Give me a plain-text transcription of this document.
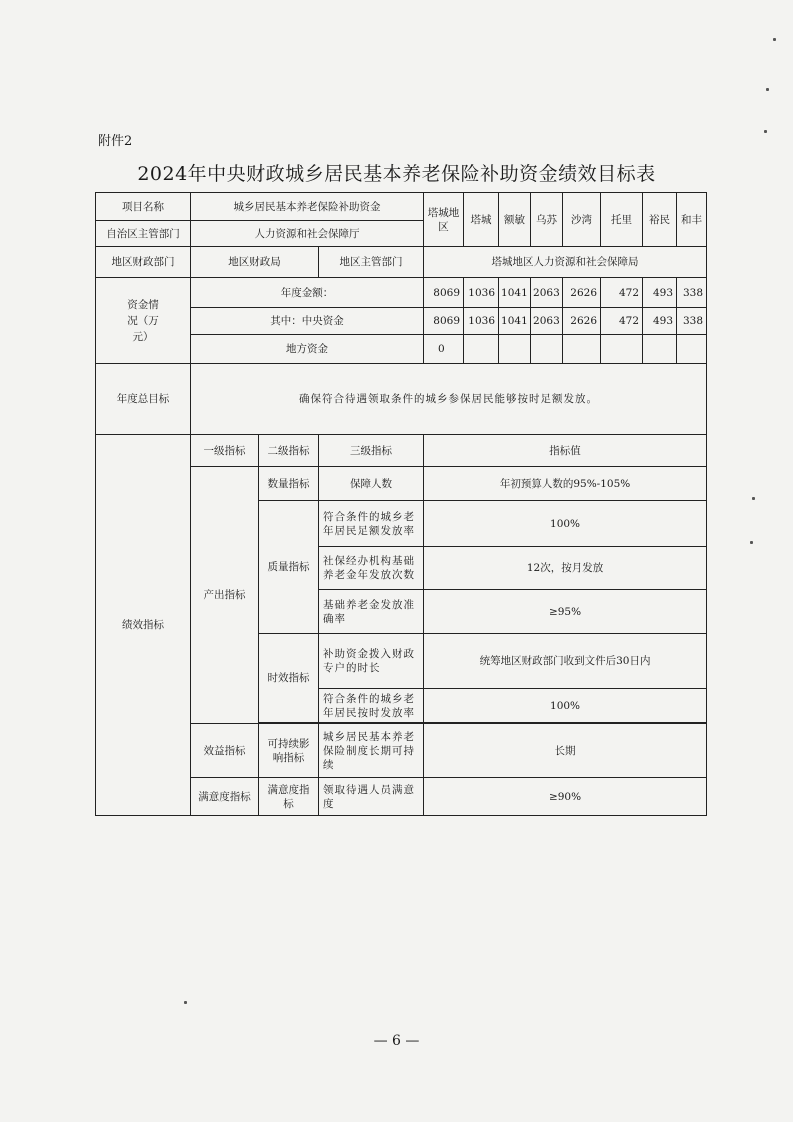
附件2
2024年中央财政城乡居民基本养老保险补助资金绩效目标表
项目名称	城乡居民基本养老保险补助资金			塔城地区	塔城	额敏	乌苏	沙湾	托里	裕民	和丰
自治区主管部门	人力资源和社会保障厅										
地区财政部门	地区财政局		地区主管部门	塔城地区人力资源和社会保障局							
资金情况（万元）	年度金额：			8069	1036	1041	2063	2626	472	493	338
	其中：中央资金			8069	1036	1041	2063	2626	472	493	338
	地方资金			0							
年度总目标	确保符合待遇领取条件的城乡参保居民能够按时足额发放。										
绩效指标	一级指标	二级指标	三级指标	指标值							
	产出指标	数量指标	保障人数	年初预算人数的95%-105%							
		质量指标	符合条件的城乡老年居民足额发放率	100%							
			社保经办机构基础养老金年发放次数	12次，按月发放							
			基础养老金发放准确率	≥95%							
		时效指标	补助资金拨入财政专户的时长	统筹地区财政部门收到文件后30日内							
			符合条件的城乡老年居民按时发放率	100%							

	效益指标	可持续影响指标	城乡居民基本养老保险制度长期可持续	长期							
	满意度指标	满意度指标	领取待遇人员满意度	≥90%							
— 6 —
